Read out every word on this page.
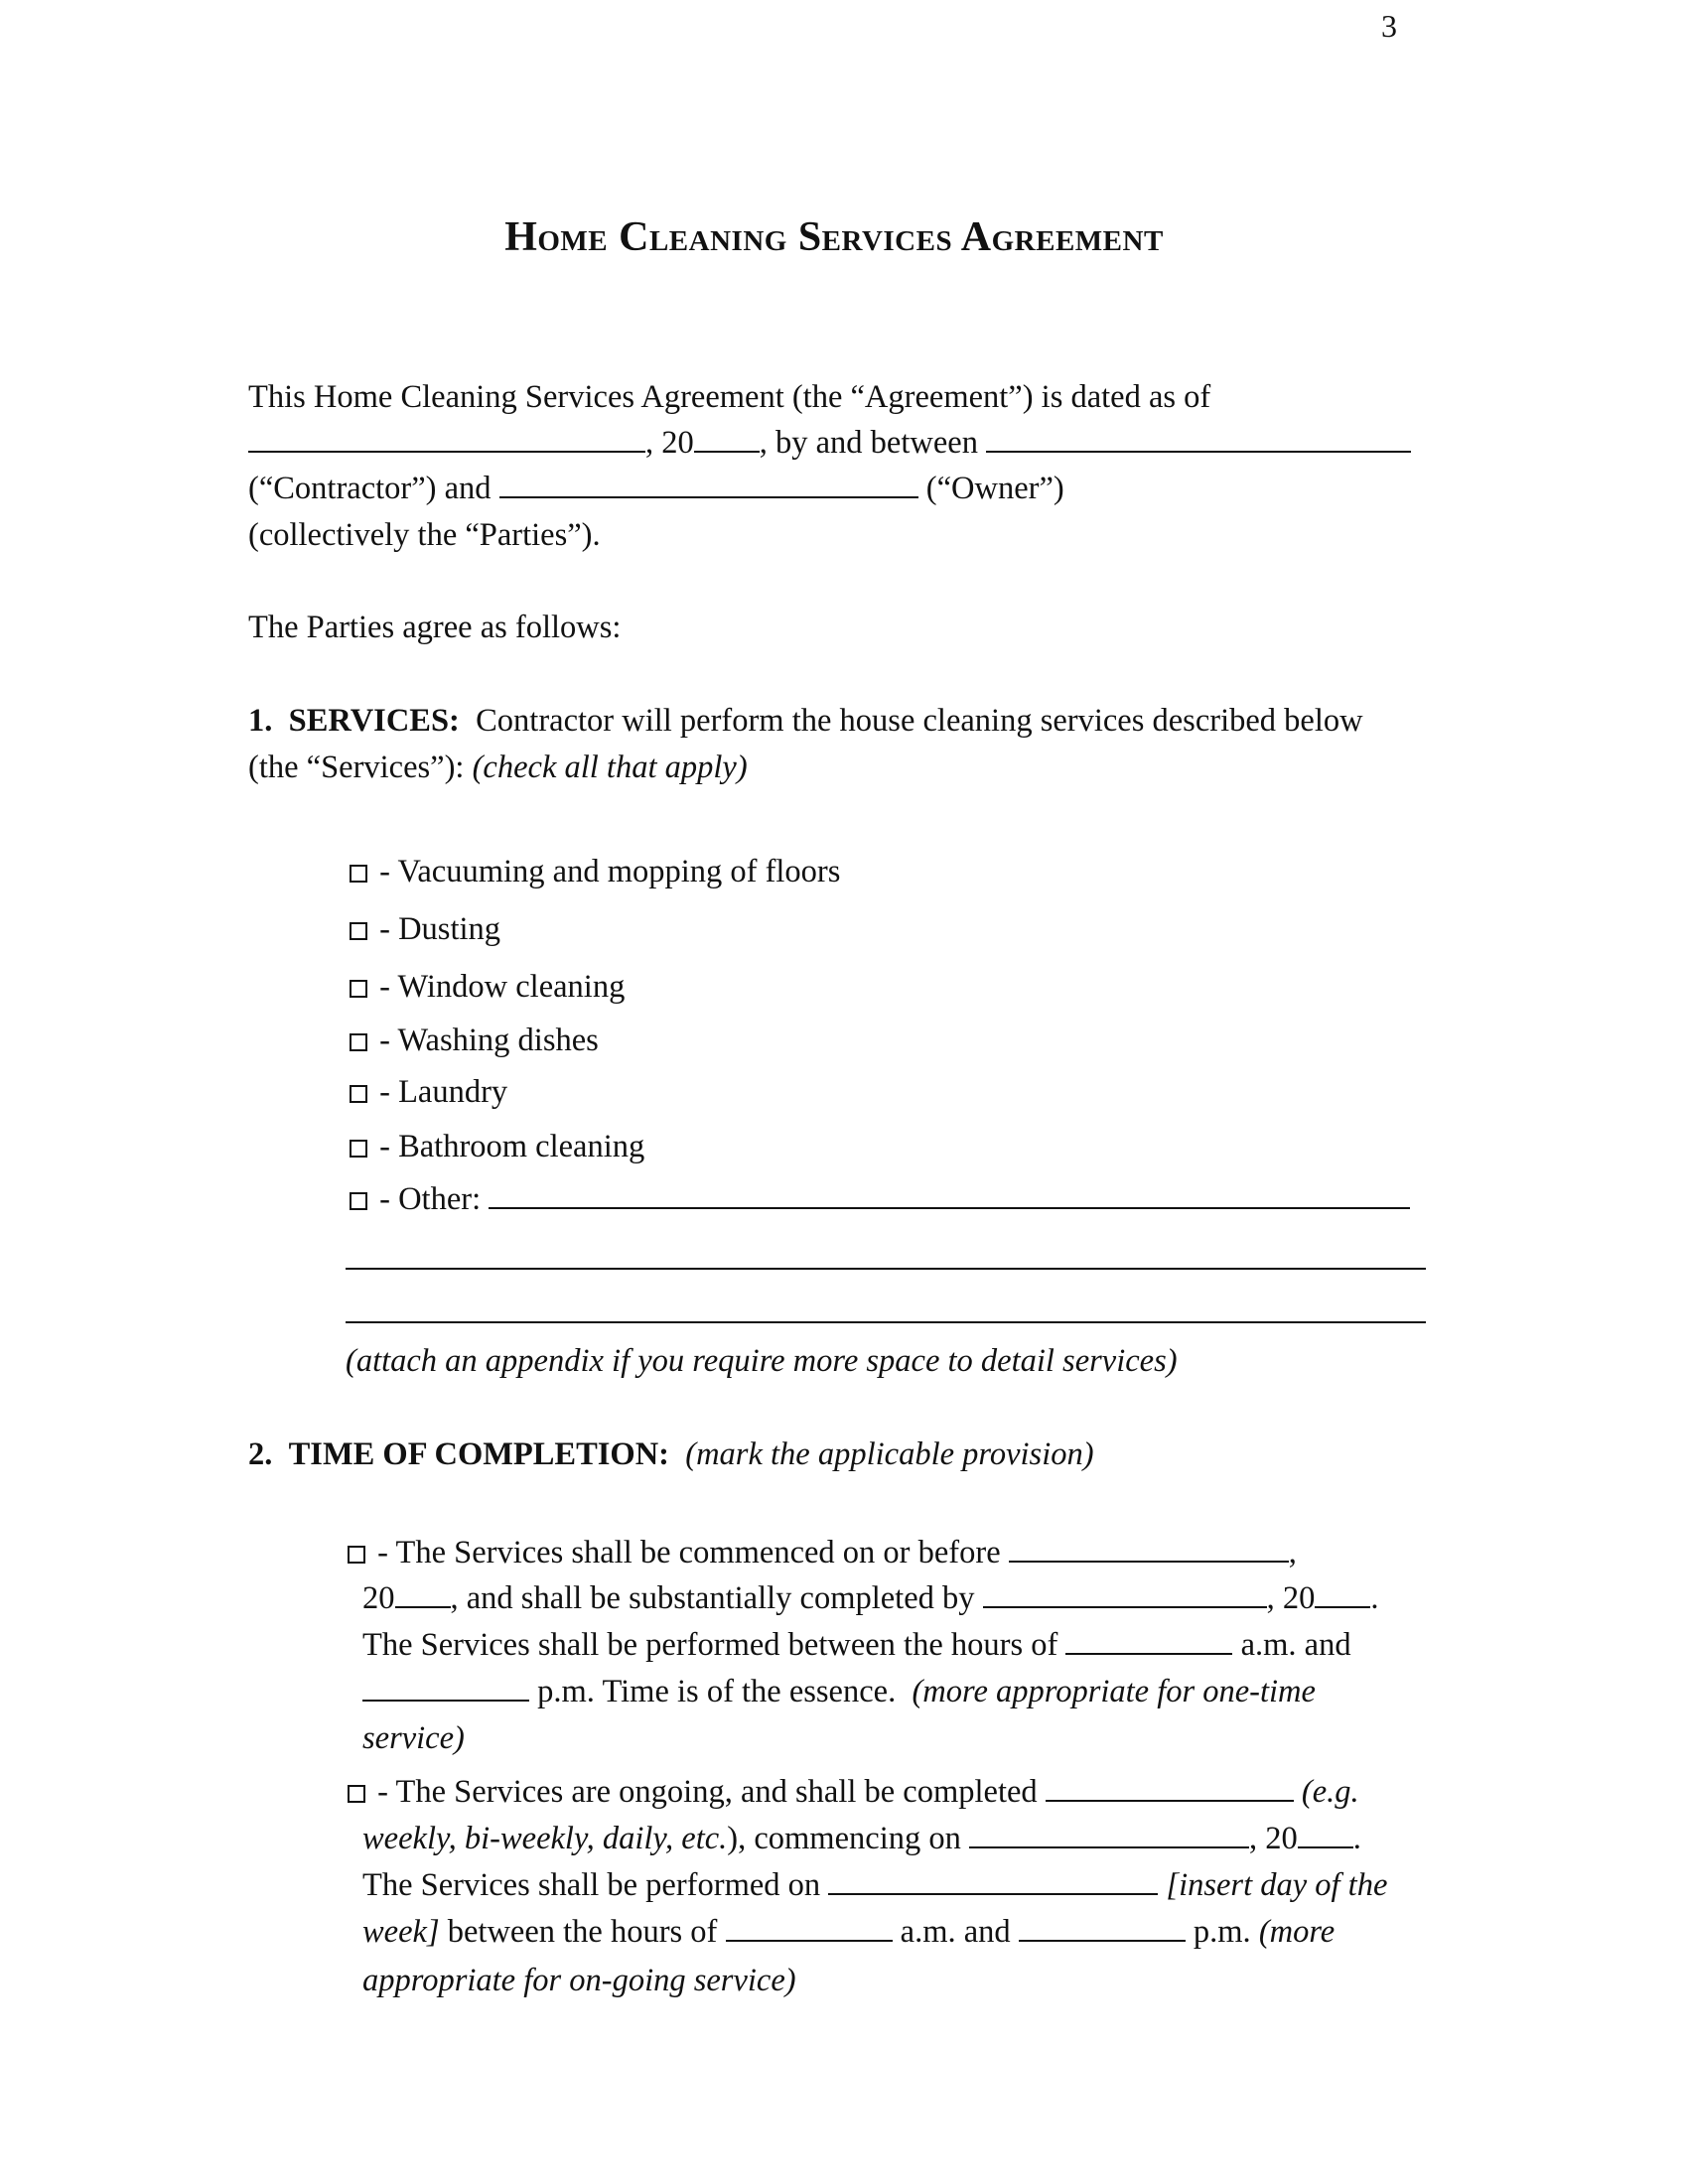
3
Home Cleaning Services Agreement
This Home Cleaning Services Agreement (the “Agreement”) is dated as of
, 20 , by and between
(“Contractor”) and	(“Owner”)
(collectively the “Parties”).
The Parties agree as follows:
1. SERVICES: Contractor will perform the house cleaning services described below
(the “Services”): (check all that apply)
- Vacuuming and mopping of floors
- Dusting
- Window cleaning
- Washing dishes
- Laundry
- Bathroom cleaning
- Other:
(attach an appendix if you require more space to detail services)
2. TIME OF COMPLETION: (mark the applicable provision)
- The Services shall be commenced on or before	,
20 , and shall be substantially completed by	, 20 .
The Services shall be performed between the hours of	a.m. and
p.m. Time is of the essence. (more appropriate for one-time
service)
- The Services are ongoing, and shall be completed	(e.g.
weekly, bi-weekly, daily, etc.), commencing on	, 20 .
The Services shall be performed on	[insert day of the
week] between the hours of	a.m. and	p.m. (more
appropriate for on-going service)
